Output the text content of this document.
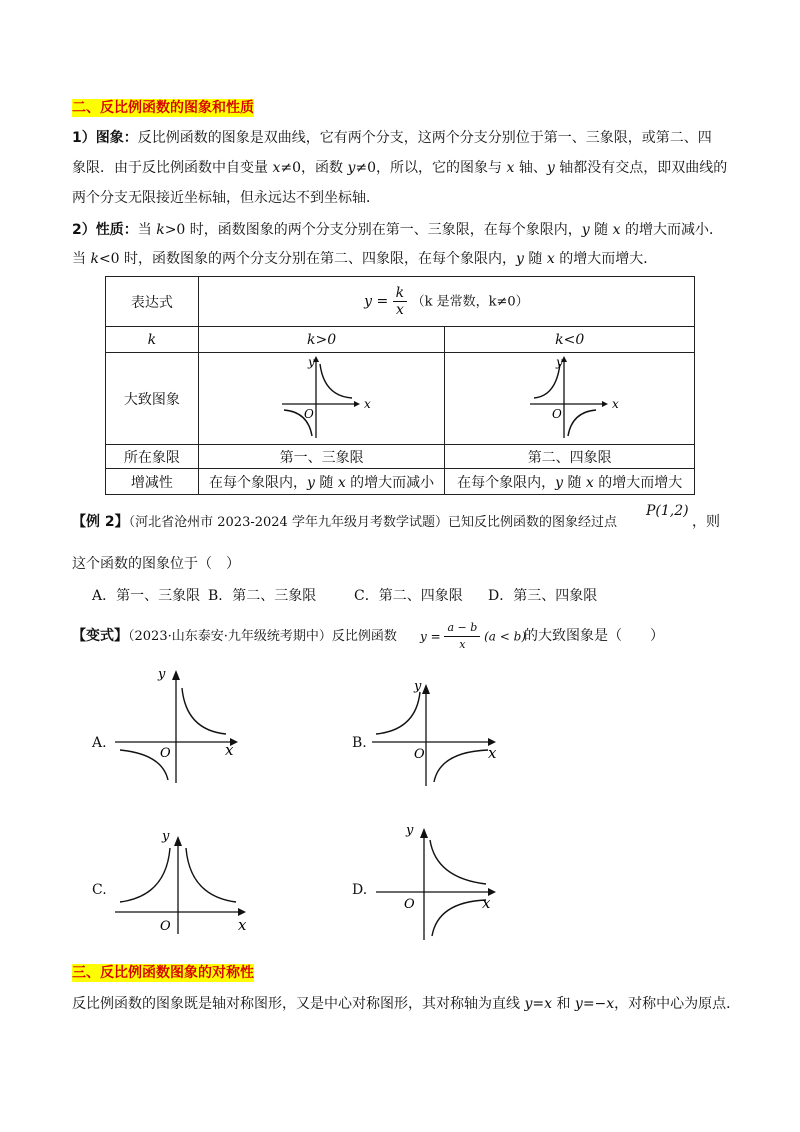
二、反比例函数的图象和性质
1）图象：反比例函数的图象是双曲线，它有两个分支，这两个分支分别位于第一、三象限，或第二、四
象限．由于反比例函数中自变量 x≠0，函数 y≠0，所以，它的图象与 x 轴、y 轴都没有交点，即双曲线的
两个分支无限接近坐标轴，但永远达不到坐标轴．
2）性质：当 k>0 时，函数图象的两个分支分别在第一、三象限，在每个象限内，y 随 x 的增大而减小．
当 k<0 时，函数图象的两个分支分别在第二、四象限，在每个象限内，y 随 x 的增大而增大．
表达式	$y = \frac{k}{x} (k$ 是常数，k≠0）	
k	k>0	k<0
大致图象	x
y
O	x
y
O

所在象限	第一、三象限	第二、四象限
增减性	在每个象限内，y 随 x 的增大而减小	在每个象限内，y 随 x 的增大而增大
【例 2】（河北省沧州市 2023-2024 学年九年级月考数学试题）已知反比例函数的图象经过点
P(1,2)
，则
这个函数的图象位于（　）
A．第一、三象限 B．第二、三象限	C．第二、四象限 D．第三、四象限
【变式】（2023·山东泰安·九年级统考期中）反比例函数 $y = \frac{a - b}{x} (a < b)$
的大致图象是（　　）
A.	x
y
O
B.
x
y
O
C.
x
y
O
D.
x
y
O
三、反比例函数图象的对称性
反比例函数的图象既是轴对称图形，又是中心对称图形，其对称轴为直线 y=x 和 y=−x，对称中心为原点．
